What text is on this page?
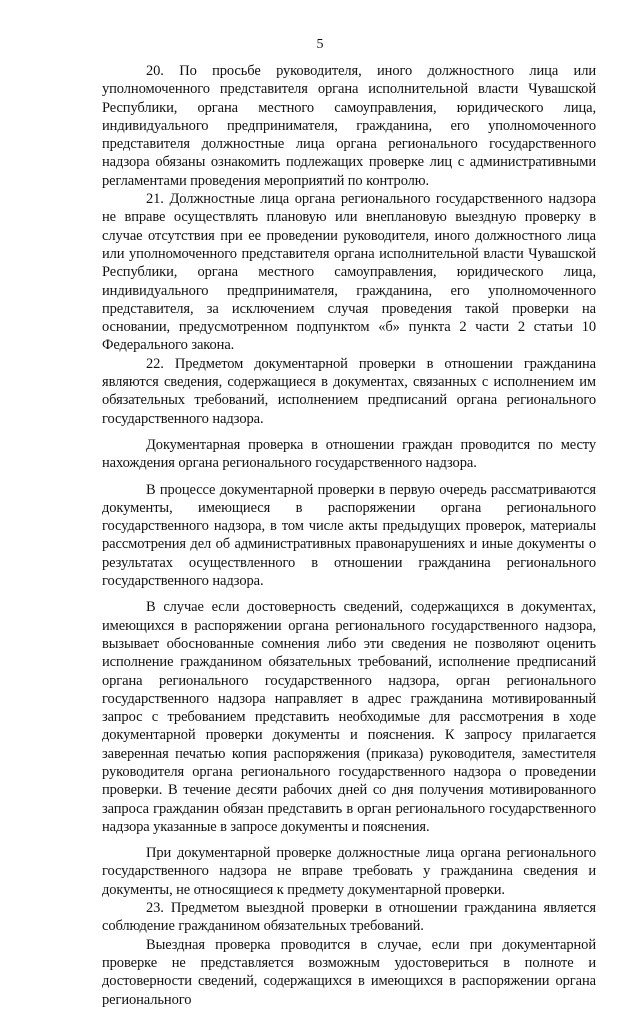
5

20. По просьбе руководителя, иного должностного лица или уполномоченного представителя органа исполнительной власти Чувашской Республики, органа местного самоуправления, юридического лица, индивидуального предпринимателя, гражданина, его уполномоченного представителя должностные лица органа регионального государственного надзора обязаны ознакомить подлежащих проверке лиц с административными регламентами проведения мероприятий по контролю.

21. Должностные лица органа регионального государственного надзора не вправе осуществлять плановую или внеплановую выездную проверку в случае отсутствия при ее проведении руководителя, иного должностного лица или уполномоченного представителя органа исполнительной власти Чувашской Республики, органа местного самоуправления, юридического лица, индивидуального предпринимателя, гражданина, его уполномоченного представителя, за исключением случая проведения такой проверки на основании, предусмотренном подпунктом «б» пункта 2 части 2 статьи 10 Федерального закона.

22. Предметом документарной проверки в отношении гражданина являются сведения, содержащиеся в документах, связанных с исполнением им обязательных требований, исполнением предписаний органа регионального государственного надзора.

Документарная проверка в отношении граждан проводится по месту нахождения органа регионального государственного надзора.

В процессе документарной проверки в первую очередь рассматриваются документы, имеющиеся в распоряжении органа регионального государственного надзора, в том числе акты предыдущих проверок, материалы рассмотрения дел об административных правонарушениях и иные документы о результатах осуществленного в отношении гражданина регионального государственного надзора.

В случае если достоверность сведений, содержащихся в документах, имеющихся в распоряжении органа регионального государственного надзора, вызывает обоснованные сомнения либо эти сведения не позволяют оценить исполнение гражданином обязательных требований, исполнение предписаний органа регионального государственного надзора, орган регионального государственного надзора направляет в адрес гражданина мотивированный запрос с требованием представить необходимые для рассмотрения в ходе документарной проверки документы и пояснения. К запросу прилагается заверенная печатью копия распоряжения (приказа) руководителя, заместителя руководителя органа регионального государственного надзора о проведении проверки. В течение десяти рабочих дней со дня получения мотивированного запроса гражданин обязан представить в орган регионального государственного надзора указанные в запросе документы и пояснения.

При документарной проверке должностные лица органа регионального государственного надзора не вправе требовать у гражданина сведения и документы, не относящиеся к предмету документарной проверки.

23. Предметом выездной проверки в отношении гражданина является соблюдение гражданином обязательных требований.

Выездная проверка проводится в случае, если при документарной проверке не представляется возможным удостовериться в полноте и достоверности сведений, содержащихся в имеющихся в распоряжении органа регионального
